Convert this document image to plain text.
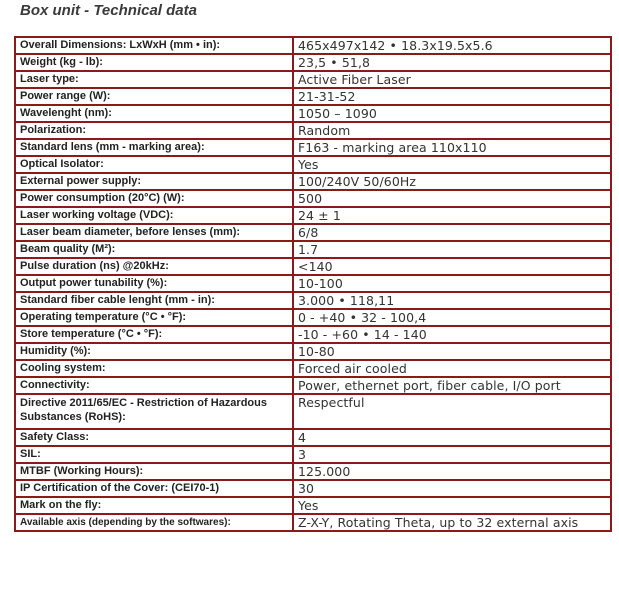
Box unit - Technical data
Overall Dimensions: LxWxH (mm • in):	465x497x142 • 18.3x19.5x5.6
Weight (kg - lb):	23,5 • 51,8
Laser type:	Active Fiber Laser
Power range (W):	21-31-52
Wavelenght (nm):	1050 – 1090
Polarization:	Random
Standard lens (mm - marking area):	F163 - marking area 110x110
Optical Isolator:	Yes
External power supply:	100/240V 50/60Hz
Power consumption (20°C) (W):	500
Laser working voltage (VDC):	24 ± 1
Laser beam diameter, before lenses (mm):	6/8
Beam quality (M²):	1.7
Pulse duration (ns) @20kHz:	<140
Output power tunability (%):	10-100
Standard fiber cable lenght (mm - in):	3.000 • 118,11
Operating temperature (°C • °F):	0 - +40 • 32 - 100,4
Store temperature (°C • °F):	-10 - +60 • 14 - 140
Humidity (%):	10-80
Cooling system:	Forced air cooled
Connectivity:	Power, ethernet port, fiber cable, I/O port
Directive 2011/65/EC - Restriction of Hazardous Substances (RoHS):	Respectful
Safety Class:	4
SIL:	3
MTBF (Working Hours):	125.000
IP Certification of the Cover: (CEI70-1)	30
Mark on the fly:	Yes
Available axis (depending by the softwares):	Z-X-Y, Rotating Theta, up to 32 external axis
